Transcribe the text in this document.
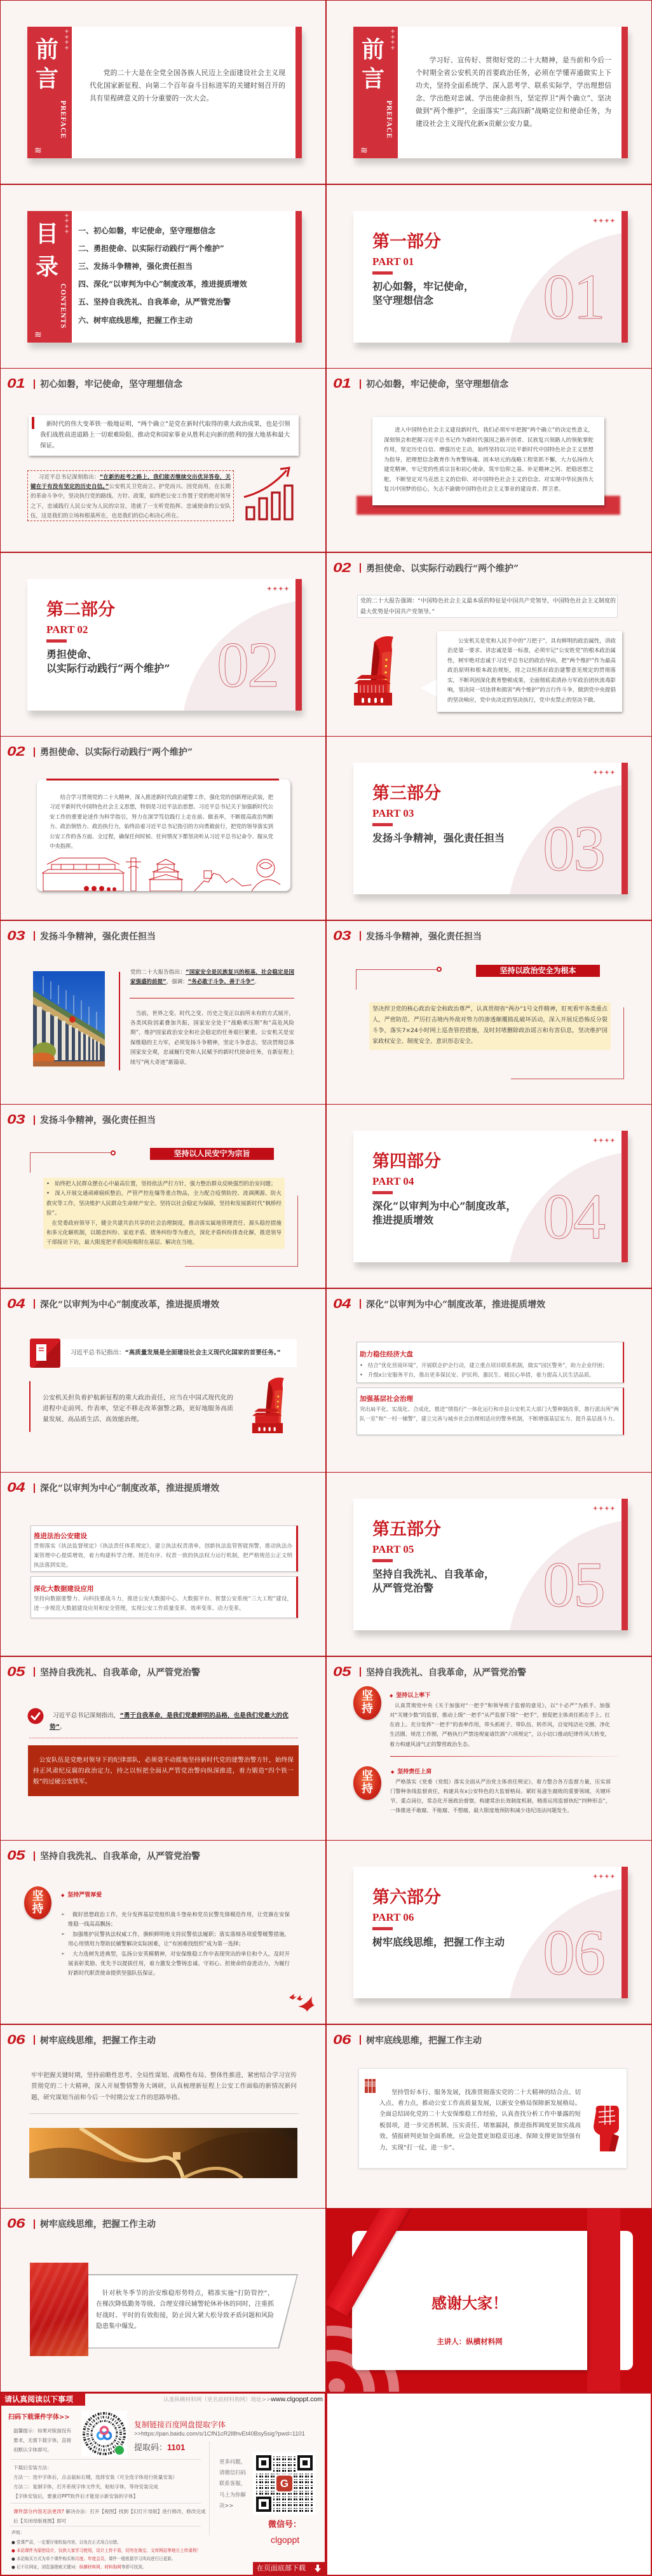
+ + + +
前
言
PREFACE
≋

党的二十大是在全党全国各族人民迈上全面建设社会主义现代化国家新征程、向第二个百年奋斗目标进军的关键时刻召开的具有里程碑意义的十分重要的一次大会。

+ + + +
前
言
PREFACE
≋

学习好、宣传好、贯彻好党的二十大精神，是当前和今后一个时期全省公安机关的首要政治任务，必须在学懂弄通做实上下功夫，坚持全面系统学、深入思考学、联系实际学，学出理想信念、学出绝对忠诚、学出使命担当，坚定捍卫“两个确立”、坚决做到“两个维护”，全面落实“三高四新”战略定位和使命任务，为建设社会主义现代化新x贡献公安力量。

+ + + +
目
录
CONTENTS
≋
一、初心如磐，牢记使命，坚守理想信念
二、勇担使命、以实际行动践行“两个维护”
三、发扬斗争精神，强化责任担当
四、深化“以审判为中心”制度改革，推进提质增效
五、坚持自我洗礼、自我革命，从严管党治警
六、树牢底线思维，把握工作主动	01
++++
第一部分
PART 01
初心如磐，牢记使命，
坚守理想信念
01	初心如磐，牢记使命，坚守理想信念

新时代的伟大变革铁一般地证明，“两个确立”是党在新时代取得的重大政治成果，也是引领我们战胜前进道路上一切艰难险阻、推动党和国家事业从胜利走向新的胜利的强大地基和最大保证。

习近平总书记深刻指出：“在新的赶考之路上，我们能否继续交出优异答卷，关键在于有没有坚定的历史自信。”公安机关卫党而立、护党而兴、因党而用，在长期的革命斗争中，坚决执行党的路线、方针、政策，始终把公安工作置于党的绝对领导之下，忠诚践行人民公安为人民的宗旨，造就了一支听党指挥、忠诚使命的公安队伍，这是我们的立场和根基所在，也是我们的信心和决心所在。

01	初心如磐，牢记使命，坚守理想信念

进入中国特色社会主义建设新时代，我们必须牢牢把握“两个确立”的决定性意义，深刻领会和把握习近平总书记作为新时代强国之路开创者、民族复兴领路人的领航掌舵作用，坚定历史自信、增强历史主动，始终坚持以习近平新时代中国特色社会主义思想为指导，把理想信念教育作为育警铸魂、固本培元的战略工程常抓不懈，大力弘扬伟大建党精神，牢记党的性质宗旨和初心使命，筑牢信仰之基、补足精神之钙、把稳思想之舵，不断坚定对马克思主义的信仰、对中国特色社会主义的信念、对实现中华民族伟大复兴中国梦的信心，矢志不渝做中国特色社会主义事业的建设者、捍卫者。

02
++++
第二部分
PART 02
勇担使命、
以实际行动践行“两个维护”
02	勇担使命、以实际行动践行“两个维护”

党的二十大报告强调：“中国特色社会主义最本质的特征是中国共产党领导，中国特色社会主义制度的最大优势是中国共产党领导。”

公安机关是党和人民手中的“刀把子”，具有鲜明的政治属性，讲政治是第一要求、讲忠诚是第一标准，必须牢记“公安姓党”的根本政治属性，树牢绝对忠诚于习近平总书记的政治导向，把“两个维护”作为最高政治原则和根本政治规矩，持之以恒抓好政治建警意见规定的贯彻落实，不断巩固深化教育整顿成果，全面彻底肃清孙力军政治团伙流毒影响，坚决同一切违背和损害“两个维护”的言行作斗争，做到党中央提倡的坚决响应，党中央决定的坚决执行，党中央禁止的坚决不做。

02	勇担使命、以实际行动践行“两个维护”

结合学习贯彻党的二十大精神，深入推进新时代政治建警工作，强化党的创新理论武装，把习近平新时代中国特色社会主义思想，特别是习近平法治思想、习近平总书记关于加强新时代公安工作的重要论述作为科学指引，努力在深学笃信践行上走在前、做表率，不断提高政治判断力、政治领悟力、政治执行力，始终沿着习近平总书记指引的方向勇毅前行，把党的领导落实到公安工作的各方面、全过程，确保任何时候、任何情况下都坚决听从习近平总书记命令、服从党中央指挥。	03
++++
第三部分
PART 03
发扬斗争精神，强化责任担当
03	发扬斗争精神，强化责任担当

党的二十大报告指出：“国家安全是民族复兴的根基，社会稳定是国家强盛的前提”，强调：“务必敢于斗争、善于斗争”。

当前，世界之变、时代之变、历史之变正以前所未有的方式展开，各类风险因素叠加共振，国家安全处于“战略承压期”和“高危风险期”，维护国家政治安全和社会稳定的任务艰巨繁重。公安机关是安保维稳的主力军，必须发扬斗争精神，坚定斗争意志，坚决贯彻总体国家安全观，忠诚履行党和人民赋予的新时代使命任务，在新征程上续写“两大奇迹”新篇章。

03	发扬斗争精神，强化责任担当
坚持以政治安全为根本

坚决捍卫党的核心政治安全和政治尊严，认真贯彻省“两办”1号文件精神，盯死看牢各类重点人，严密防范、严厉打击境内外敌对势力的渗透颠覆捣乱破坏活动，深入开展反恐怖反分裂斗争，落实7×24小时网上巡查管控措施，及时封堵删除政治谣言和有害信息，坚决维护国家政权安全、制度安全、意识形态安全。

03	发扬斗争精神，强化责任担当
坚持以人民安宁为宗旨

• 始终把人民群众摆在心中最高位置，坚持依法严打方针，强力整治群众反映强烈的治安问题；

• 深入开展交通顽瘴痼疾整治，严管严控危爆等重点物品，全力配合疫情防控、流调溯源、防火救灾等工作，坚决维护人民群众生命财产安全。坚持以社会稳定为保障，坚持和发展新时代“枫桥经验”。

在党委政府领导下，健全共建共治共享的社会治理制度，推动落实属地管理责任、源头稳控措施和多元化解机制，以婚恋纠纷、家庭矛盾、债务纠纷等为重点，深化矛盾纠纷排查化解，推进领导干部接访下访，最大限度把矛盾风险吸附在基层、解决在当地。	04
++++
第四部分
PART 04
深化“以审判为中心”制度改革，
推进提质增效
04	深化“以审判为中心”制度改革，推进提质增效

习近平总书记指出：“高质量发展是全面建设社会主义现代化国家的首要任务。”

公安机关担负着护航新征程的重大政治责任，应当在中国式现代化的进程中走前列、作表率，坚定不移走改革强警之路，更好地服务高质量发展、高品质生活、高效能治理。

04	深化“以审判为中心”制度改革，推进提质增效
助力稳住经济大盘

• 结合“优化营商环境”，开展联企护企行动，建立重点项目联系机制，做实“园区警务”，助力企业纾困；

• 升级x公安服务平台，推出更多保民安、护民利、惠民生、暖民心举措，着力提高人民生活品质。

加强基层社会治理

突出扁平化、实战化、合成化，推进“情指行”一体化运行和市县公安机关大部门大警种制改革，推行派出所“两队一室”和“一村一辅警”，建立完善与城乡社会治理相适应的警务机制，不断增强基层实力、提升基层战斗力。

04	深化“以审判为中心”制度改革，推进提质增效
推进法治公安建设

贯彻落实《执法监督规定》《执法责任体系规定》，建立执法权责清单，创新执法监管智能预警，推动执法办案管理中心提质增效，着力构建科学合理、规范有序、权责一致的执法权力运行机制，把严格规范公正文明执法落到实处。

深化大数据建设应用

坚持向数据要警力、向科技要战斗力，推进公安大数据中心、大数据平台、智慧公安系统“三大工程”建设，进一步规范大数据建设应用和安全管理，实现公安工作质量变革、效率变革、动力变革。	05
++++
第五部分
PART 05
坚持自我洗礼、自我革命，
从严管党治警
05	坚持自我洗礼、自我革命，从严管党治警

习近平总书记深刻指出，“勇于自我革命，是我们党最鲜明的品格，也是我们党最大的优势”。

公安队伍是党绝对领导下的纪律部队，必须毫不动摇地坚持新时代党的建警治警方针，始终保持正风肃纪反腐的政治定力，持之以恒把全面从严管党治警向纵深推进，着力锻造“四个铁一般”的过硬公安铁军。

05	坚持自我洗礼、自我革命，从严管党治警
坚
持
◆  坚持以上率下

认真贯彻党中央《关于加强对“一把手”和领导班子监督的意见》，以“十必严”为抓手，加强对“关键少数”的监督，推动上级“一把手”从严监督下级“一把手”，督促把主体责任抓在手上、扛在肩上。充分发挥“一把手”的表率作用，带头抓班子、带队伍、转作风，自觉纯洁社交圈、净化生活圈、规范工作圈，严格执行严禁违规宴请饮酒“六项规定”，以小切口推动纪律作风大转变，着力构建风清气正的警营政治生态。

坚
持
◆  坚持责任上肩

严格落实《党委（党组）落实全面从严治党主体责任规定》，着力整合各方监督力量，压实部门警种条线监督责任，构建具有x公安特色的大监督格局。紧盯易滋生腐败的重要领域、关键环节、重点岗位，常态化开展政治督察，构建常治长效制度机制，精准运用监督执纪“四种形态”，一体推进不敢腐、不能腐、不想腐，最大限度地预防和减少违纪违法问题发生。

05	坚持自我洗礼、自我革命，从严管党治警
坚
持
◆  坚持严管厚爱
➢ 做好思想政治工作，充分发挥基层党组织战斗堡垒和党员民警先锋模范作用，让党旗在安保维稳一线高高飘扬；
➢ 加强维护民警执法权威工作，旗帜鲜明地支持民警依法履职；落实落细各项爱警暖警措施，用心用情用力帮助民辅警解决实际困难，让“有困难找组织”成为第一选择；
➢ 大力选树先进典型，弘扬公安英模精神，对安保维稳工作中表现突出的单位和个人，及时开展表彰奖励、优先予以提拔任用，着力激发全警铸忠诚、守初心、担使命的奋进动力，为履行好新时代职责使命提供坚强队伍保证。	06
++++
第六部分
PART 06
树牢底线思维，把握工作主动
06	树牢底线思维，把握工作主动

牢牢把握关键时期，坚持前瞻性思考、全局性谋划、战略性布局、整体性推进，紧密结合学习宣传贯彻党的二十大精神，深入开展警情警务大调研，认真梳理新征程上公安工作面临的新情况新问题，研究谋划当前和今后一个时期公安工作的思路举措。

06	树牢底线思维，把握工作主动

坚持管好本行、服务发展，找准贯彻落实党的二十大精神的结合点、切入点、着力点，推动公安工作高质量发展，以新安全格局保障新发展格局。全面总结固化党的二十大安保维稳工作经验，认真查找分析工作中暴露的短板弱项，进一步完善机制、压实责任、堵塞漏洞，推进指挥调度更加实战高效、情报研判更加全面系统、应急处置更加稳妥迅速、保障支撑更加坚强有力，实现“打一仗、进一步”。

06	树牢底线思维，把握工作主动

针对秋冬季节的治安维稳形势特点，精准实施“打防管控”，在梯次降低勤务等级、合理安排民辅警轮休补休的同时，注重抓好战时、平时的有效衔接，防止因大紧大松导致矛盾问题和风险隐患集中爆发。

感谢大家！
主讲人：纵横材料网
请认真阅读以下事项	认准纵横材料网（更名前材料狗网）地址>>www.clgoppt.com
扫码下载课件字体>>

温馨提示：如果对版面没有要求，无需下载字体，直接用默认字体即可。

复制链接百度网盘提取字体
>>https://pan.baidu.com/s/1CfN1cR2l8hvEt40Bsy5sig?pwd=1101
提取码：1101
下载后安装方法：
方法一：选中字体后，点击鼠标右键，选择安装（可全选字体进行批量安装）
方法二：复制字体，打开系统字体文件夹，粘贴字体，等待安装完成
【字体安装后，要重启PPT软件后才能显示新安装的字体】

课件部分内容无法更改? 解决办法：打开【视图】找到【幻灯片母版】进行修改，修改完成后【关闭母版视图】即可

声明：
● 党课严肃，一定要仔细校验内容，以免在正式场合出错。
● 本站课件为原创设计，仅供大家学习使用，设计上传不易，切勿在淘宝、文库网站等地方上传谋利！
● 本站购买方式为单个课件购买和月度、年度会员，课件一般根据学习风向进行日更新。
● 记不住网址，浏览器搜索关键词：纵横材料网、材料狗网等即可找到。

更多问题，请微信扫码联系客服，马上为你解决>>

G
微信号：
clgoppt
在页面底部下载
